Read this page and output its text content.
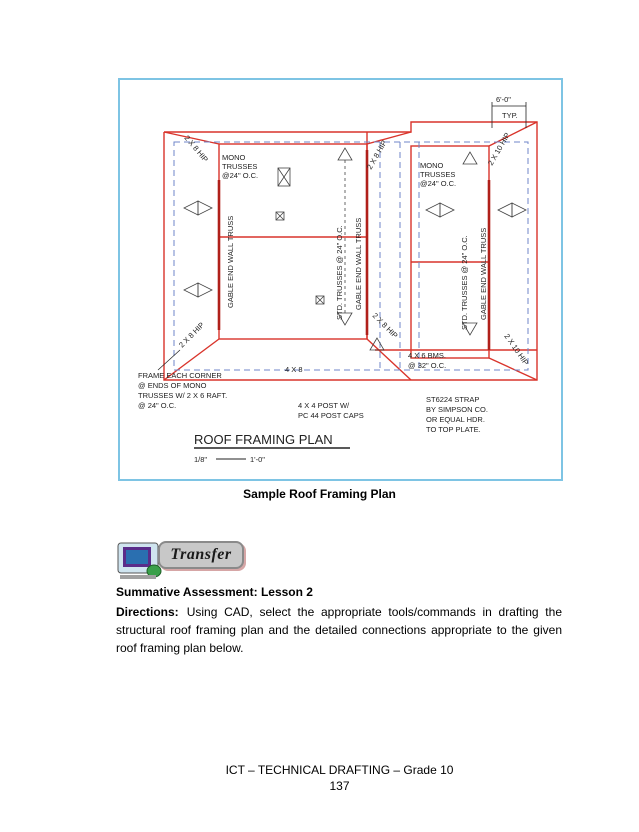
6'-0"
TYP.
MONO
TRUSSES
@24" O.C.
MONO
TRUSSES
@24" O.C.
GABLE END WALL TRUSS	STD. TRUSSES @ 24" O.C. GABLE END WALL TRUSS	STD. TRUSSES @ 24" O.C. GABLE END WALL TRUSS
2 X 8 HIP
2 X 8 HIP
2 X 8 HIP
2 X 8 HIP
2 X 10 HIP
2 X 10 HIP
FRAME EACH CORNER
@ ENDS OF MONO
TRUSSES W/ 2 X 6 RAFT.
@ 24" O.C.
4 X 8
4 X 6 BMS.
@ 32" O.C.
4 X 4 POST W/
PC 44 POST CAPS
ST6224 STRAP
BY SIMPSON CO.
OR EQUAL HDR.
TO TOP PLATE.
ROOF FRAMING PLAN
1/8"	1'-0"
Sample Roof Framing Plan
Transfer
Summative Assessment: Lesson 2
Directions: Using CAD, select the appropriate tools/commands in drafting the structural roof framing plan and the detailed connections appropriate to the given roof framing plan below.
ICT – TECHNICAL DRAFTING – Grade 10
137
